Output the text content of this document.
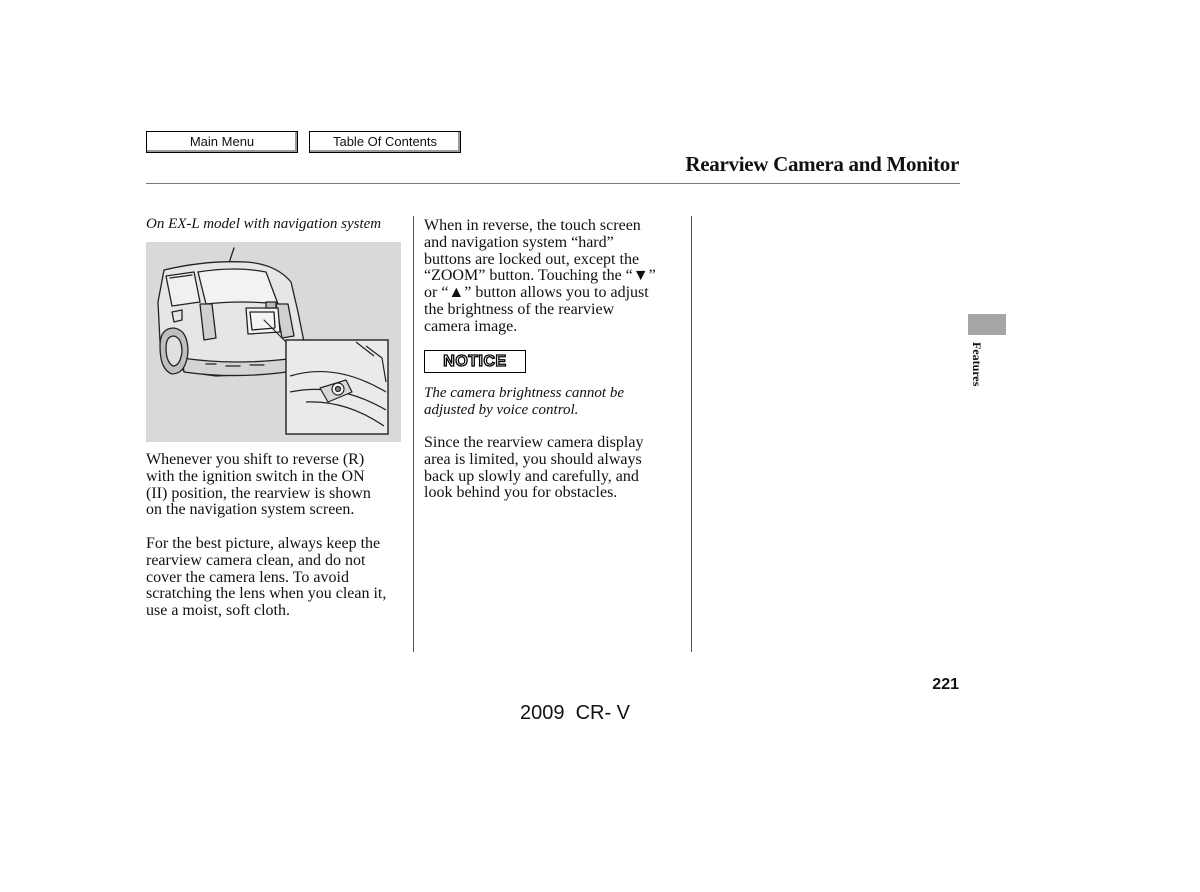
Main Menu	Table Of Contents
Rearview Camera and Monitor
On EX-L model with navigation system
Whenever you shift to reverse (R)
with the ignition switch in the ON
(II) position, the rearview is shown
on the navigation system screen.
For the best picture, always keep the
rearview camera clean, and do not
cover the camera lens. To avoid
scratching the lens when you clean it,
use a moist, soft cloth.
When in reverse, the touch screen
and navigation system “hard”
buttons are locked out, except the
“ZOOM” button. Touching the “▼”
or “▲” button allows you to adjust
the brightness of the rearview
camera image.
NOTICE
The camera brightness cannot be
adjusted by voice control.
Since the rearview camera display
area is limited, you should always
back up slowly and carefully, and
look behind you for obstacles.
Features
221
2009  CR- V
